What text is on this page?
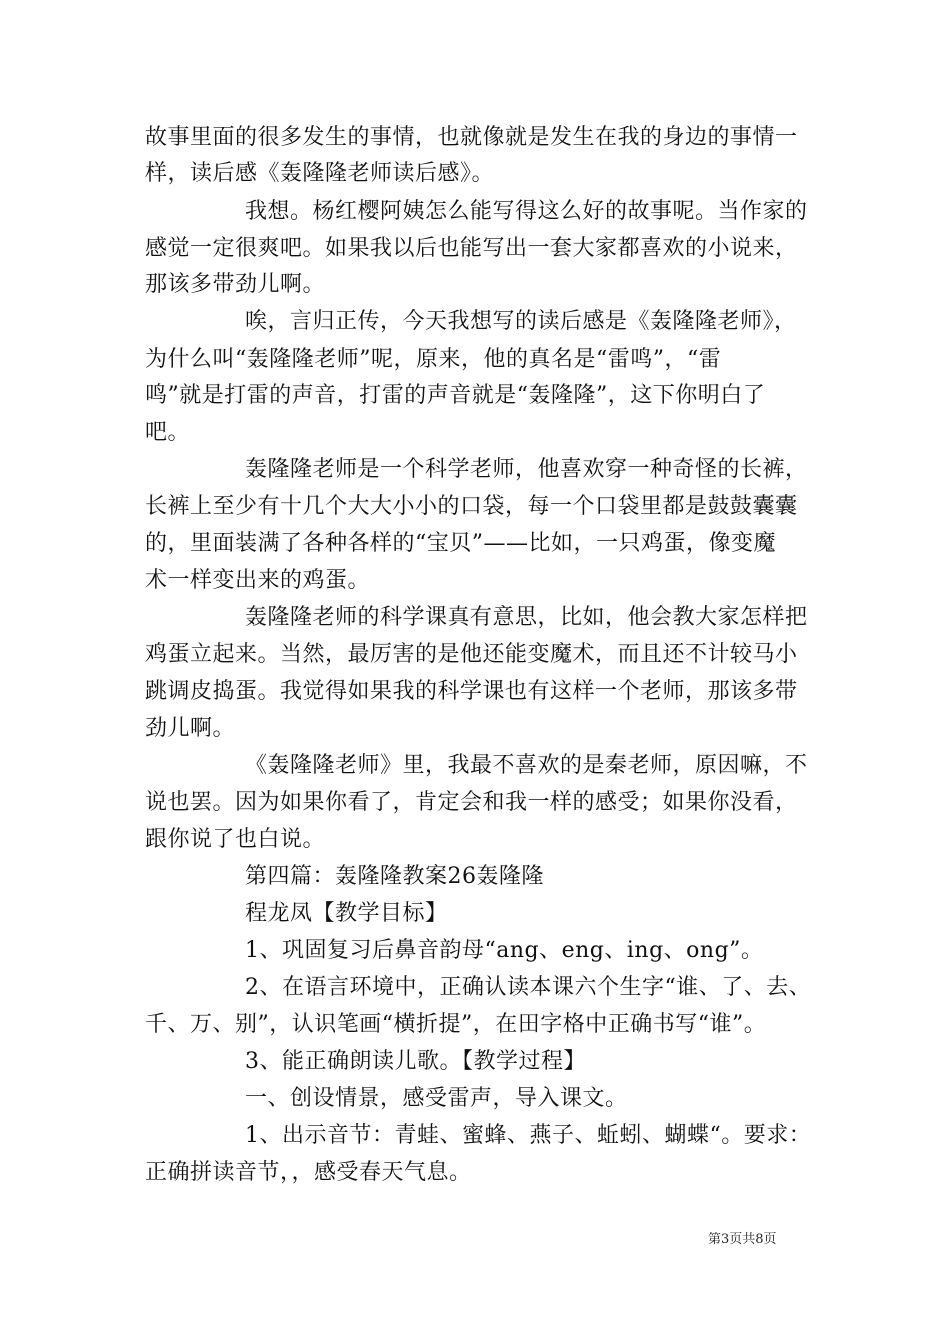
故事里面的很多发生的事情，也就像就是发生在我的身边的事情一
样，读后感《轰隆隆老师读后感》。
我想。杨红樱阿姨怎么能写得这么好的故事呢。当作家的
感觉一定很爽吧。如果我以后也能写出一套大家都喜欢的小说来，
那该多带劲儿啊。
唉，言归正传，今天我想写的读后感是《轰隆隆老师》，
为什么叫“轰隆隆老师”呢，原来，他的真名是“雷鸣”，“雷
鸣”就是打雷的声音，打雷的声音就是“轰隆隆”，这下你明白了
吧。
轰隆隆老师是一个科学老师，他喜欢穿一种奇怪的长裤，
长裤上至少有十几个大大小小的口袋，每一个口袋里都是鼓鼓囊囊
的，里面装满了各种各样的“宝贝”——比如，一只鸡蛋，像变魔
术一样变出来的鸡蛋。
轰隆隆老师的科学课真有意思，比如，他会教大家怎样把
鸡蛋立起来。当然，最厉害的是他还能变魔术，而且还不计较马小
跳调皮捣蛋。我觉得如果我的科学课也有这样一个老师，那该多带
劲儿啊。
《轰隆隆老师》里，我最不喜欢的是秦老师，原因嘛，不
说也罢。因为如果你看了，肯定会和我一样的感受；如果你没看，
跟你说了也白说。
第四篇：轰隆隆教案26轰隆隆
程龙凤【教学目标】
1、巩固复习后鼻音韵母“ang、eng、ing、ong”。
2、在语言环境中，正确认读本课六个生字“谁、了、去、
千、万、别”，认识笔画“横折提”，在田字格中正确书写“谁”。
3、能正确朗读儿歌。【教学过程】
一、创设情景，感受雷声，导入课文。
1、出示音节：青蛙、蜜蜂、燕子、蚯蚓、蝴蝶“。要求：
正确拼读音节，，感受春天气息。
第3页共8页
